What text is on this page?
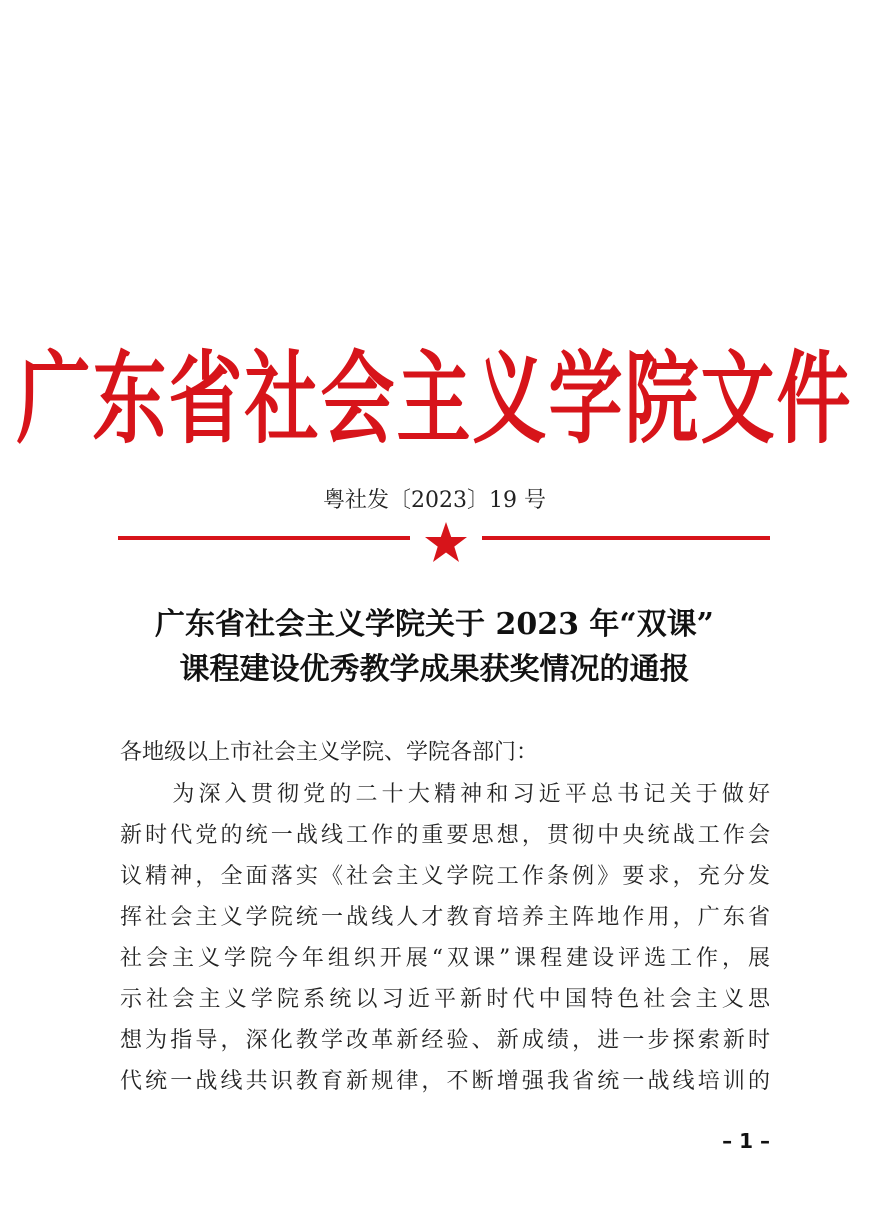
广东省社会主义学院文件
粤社发〔2023〕19 号
广东省社会主义学院关于 2023 年“双课”
课程建设优秀教学成果获奖情况的通报
各地级以上市社会主义学院、学院各部门：
　　为深入贯彻党的二十大精神和习近平总书记关于做好
新时代党的统一战线工作的重要思想，贯彻中央统战工作会
议精神，全面落实《社会主义学院工作条例》要求，充分发
挥社会主义学院统一战线人才教育培养主阵地作用，广东省
社会主义学院今年组织开展“双课”课程建设评选工作，展
示社会主义学院系统以习近平新时代中国特色社会主义思
想为指导，深化教学改革新经验、新成绩，进一步探索新时
代统一战线共识教育新规律，不断增强我省统一战线培训的
– 1 –
